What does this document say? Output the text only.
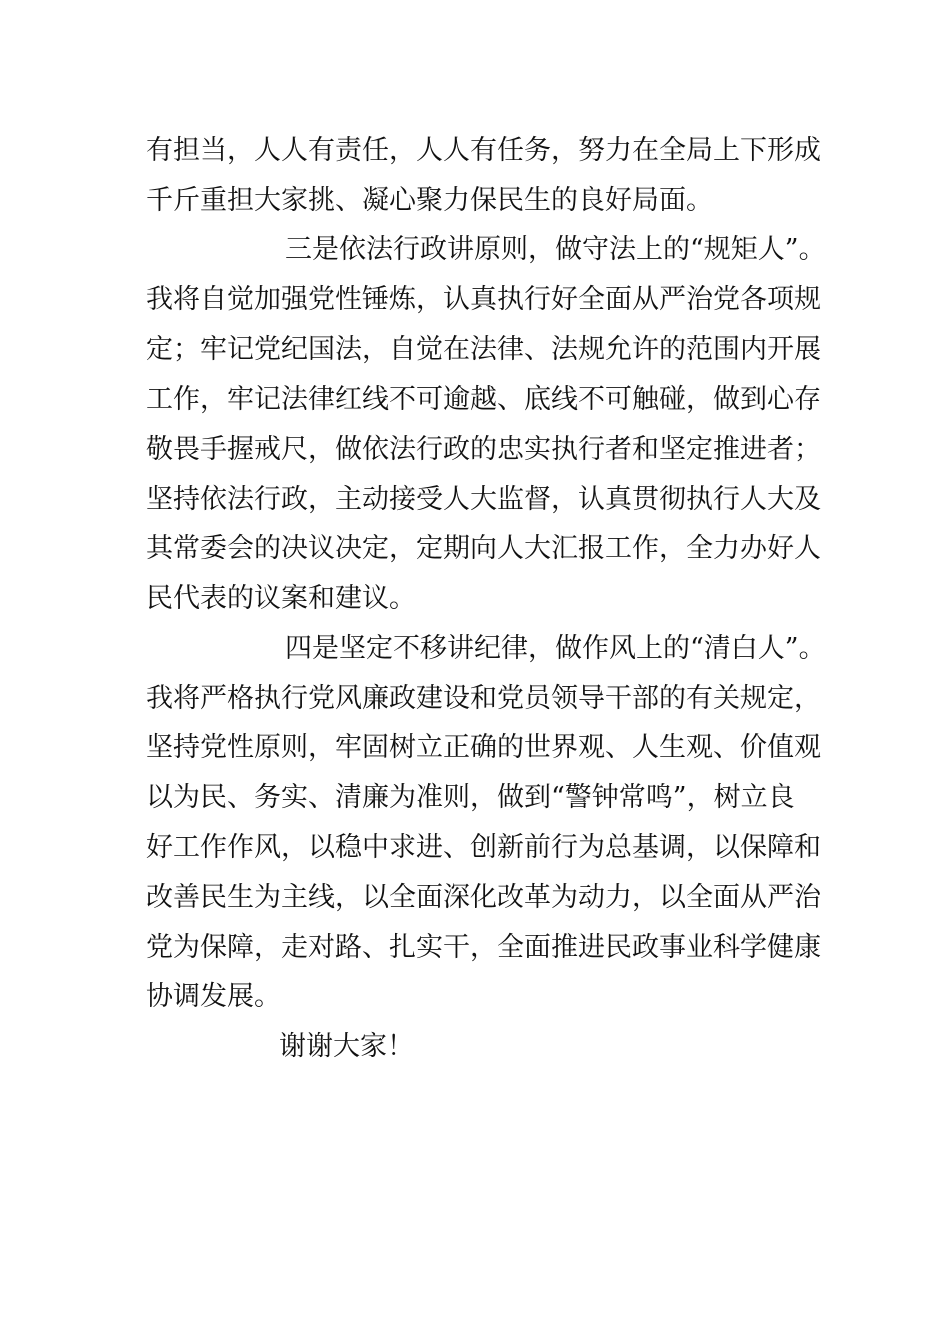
有担当，人人有责任，人人有任务，努力在全局上下形成
千斤重担大家挑、凝心聚力保民生的良好局面。
三是依法行政讲原则，做守法上的“规矩人”。
我将自觉加强党性锤炼，认真执行好全面从严治党各项规
定；牢记党纪国法，自觉在法律、法规允许的范围内开展
工作，牢记法律红线不可逾越、底线不可触碰，做到心存
敬畏手握戒尺，做依法行政的忠实执行者和坚定推进者；
坚持依法行政，主动接受人大监督，认真贯彻执行人大及
其常委会的决议决定，定期向人大汇报工作，全力办好人
民代表的议案和建议。
四是坚定不移讲纪律，做作风上的“清白人”。
我将严格执行党风廉政建设和党员领导干部的有关规定，
坚持党性原则，牢固树立正确的世界观、人生观、价值观
以为民、务实、清廉为准则，做到“警钟常鸣”，树立良
好工作作风，以稳中求进、创新前行为总基调，以保障和
改善民生为主线，以全面深化改革为动力，以全面从严治
党为保障，走对路、扎实干，全面推进民政事业科学健康
协调发展。
谢谢大家！
